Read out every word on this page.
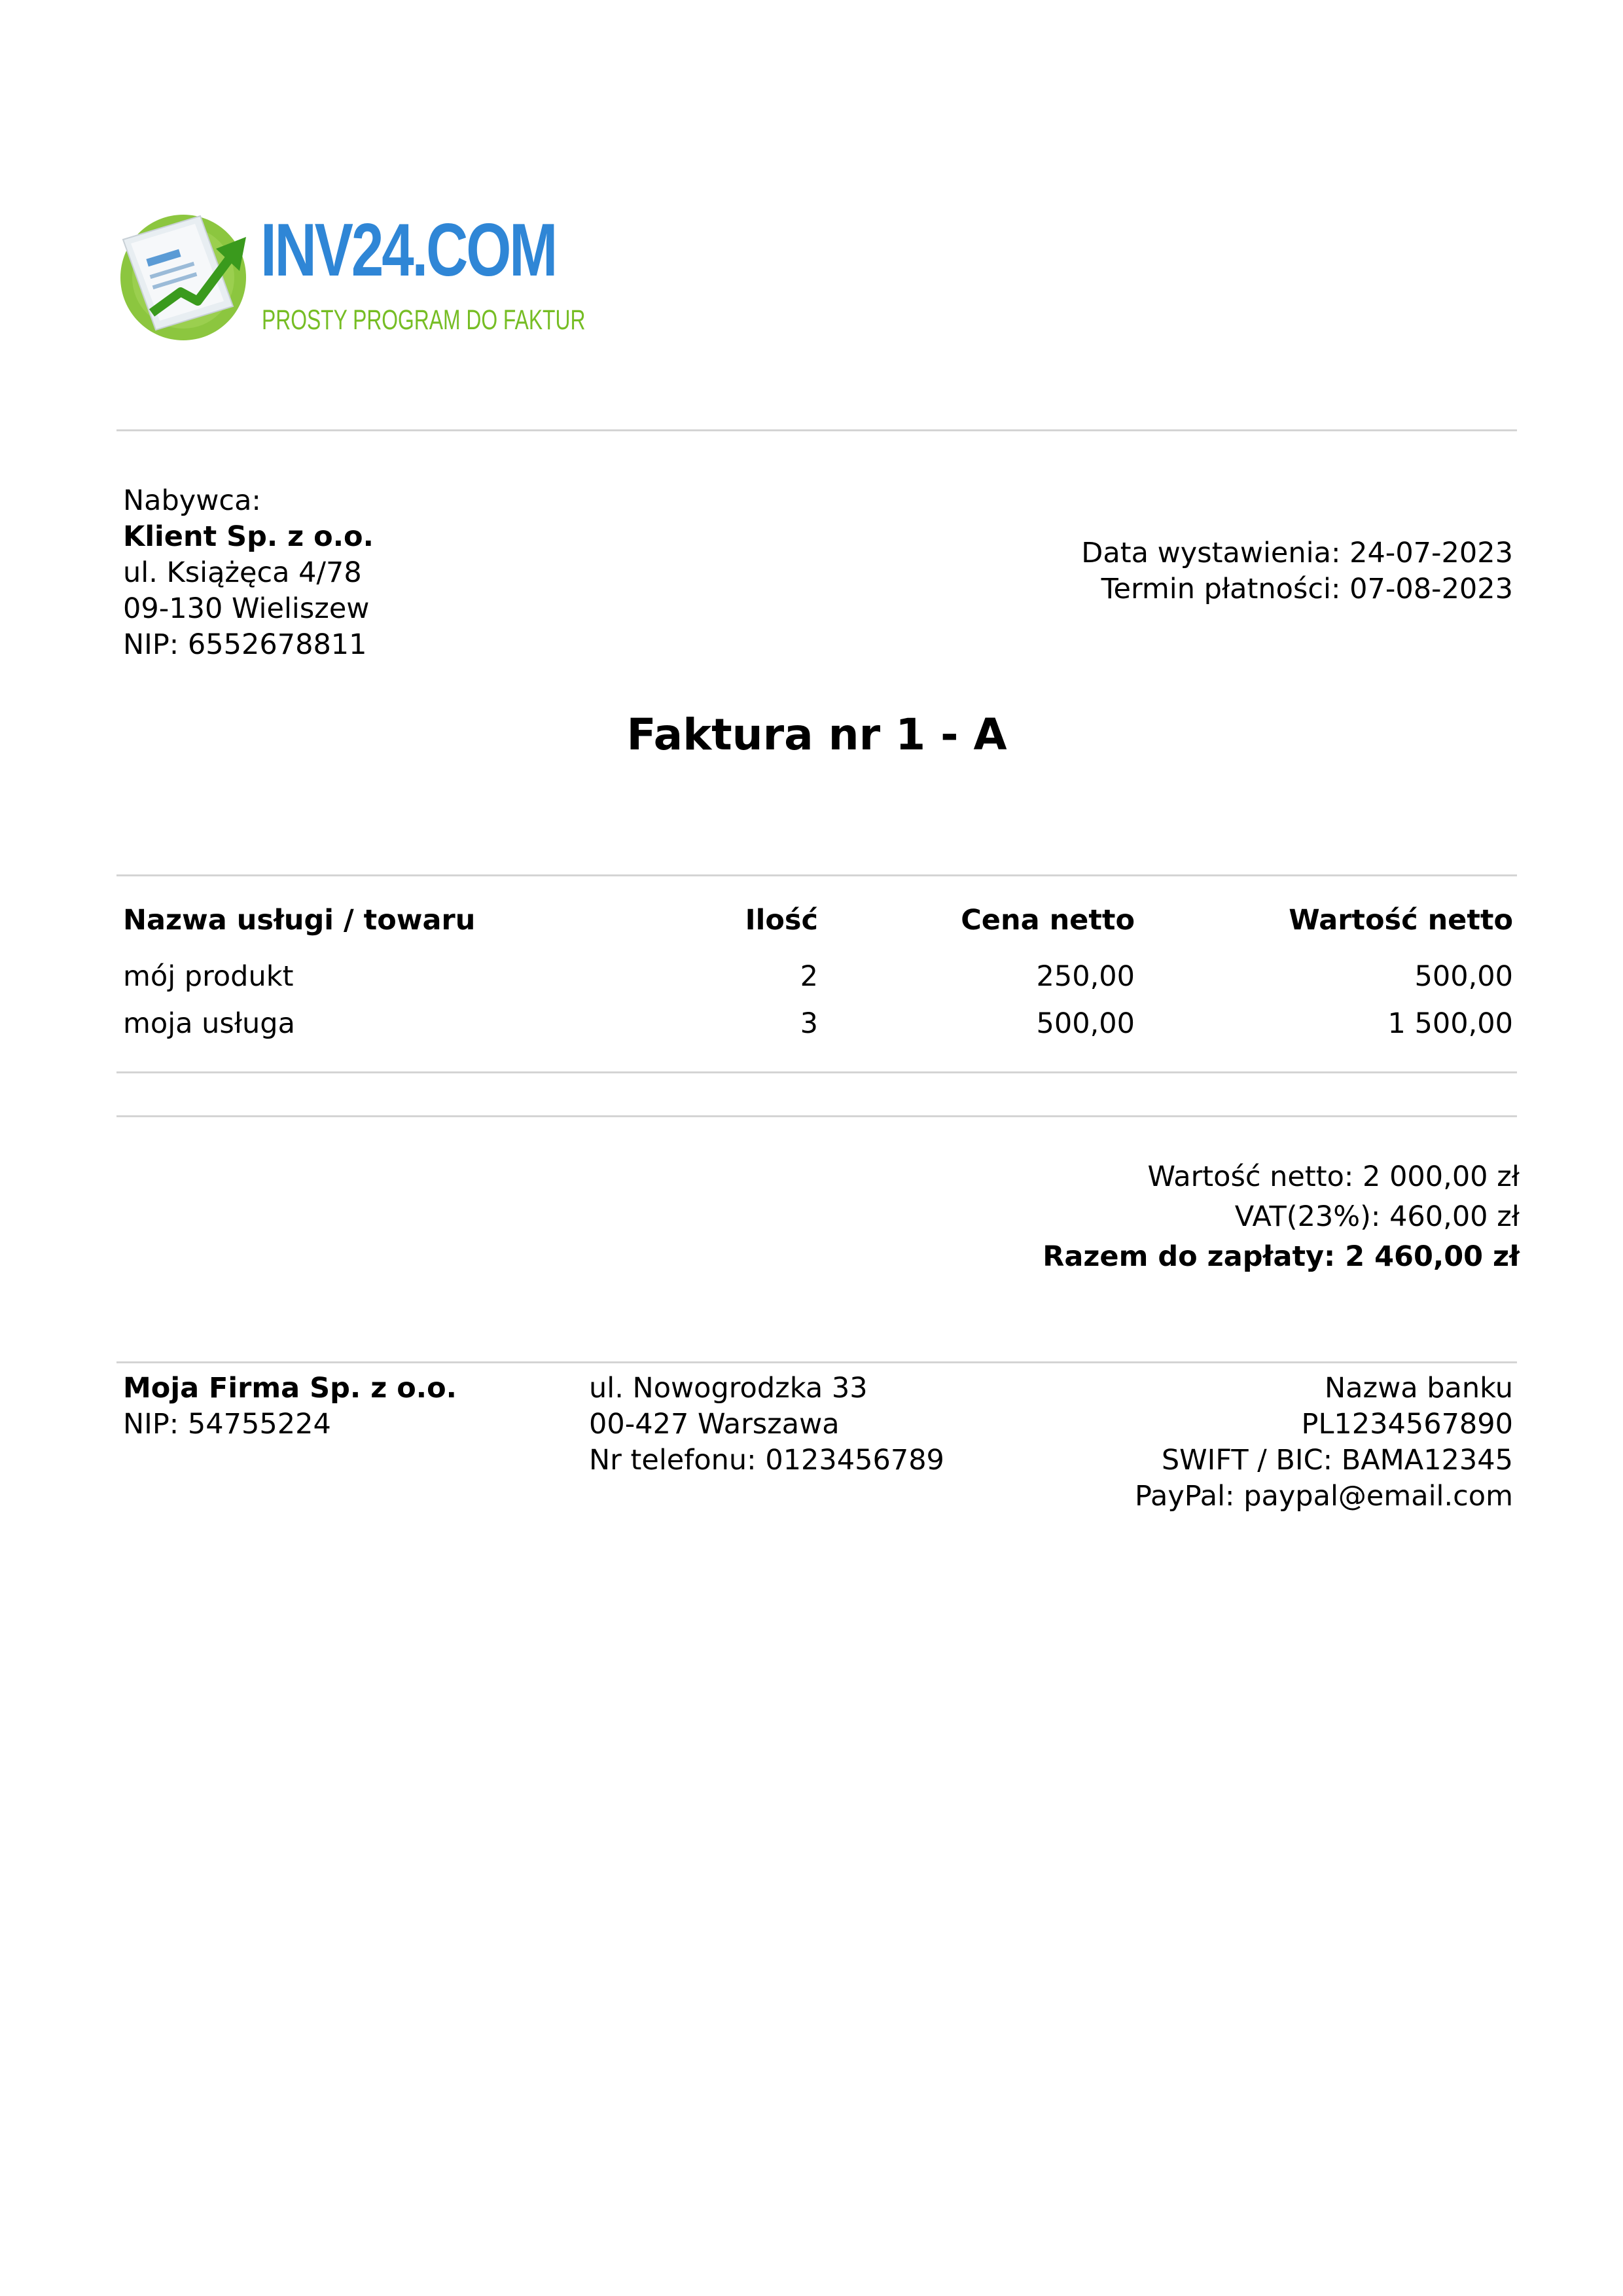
INV24.COM
PROSTY PROGRAM DO FAKTUR
Nabywca:
Klient Sp. z o.o.
ul. Książęca 4/78
09-130 Wieliszew
NIP: 6552678811
Data wystawienia: 24-07-2023
Termin płatności: 07-08-2023
Faktura nr 1 - A
Nazwa usługi / towaru	Ilość	Cena netto	Wartość netto
mój produkt	2	250,00	500,00
moja usługa	3	500,00	1 500,00
Wartość netto: 2 000,00 zł
VAT(23%): 460,00 zł
Razem do zapłaty: 2 460,00 zł
Moja Firma Sp. z o.o.
NIP: 54755224
ul. Nowogrodzka 33
00-427 Warszawa
Nr telefonu: 0123456789
Nazwa banku
PL1234567890
SWIFT / BIC: BAMA12345
PayPal: paypal@email.com
